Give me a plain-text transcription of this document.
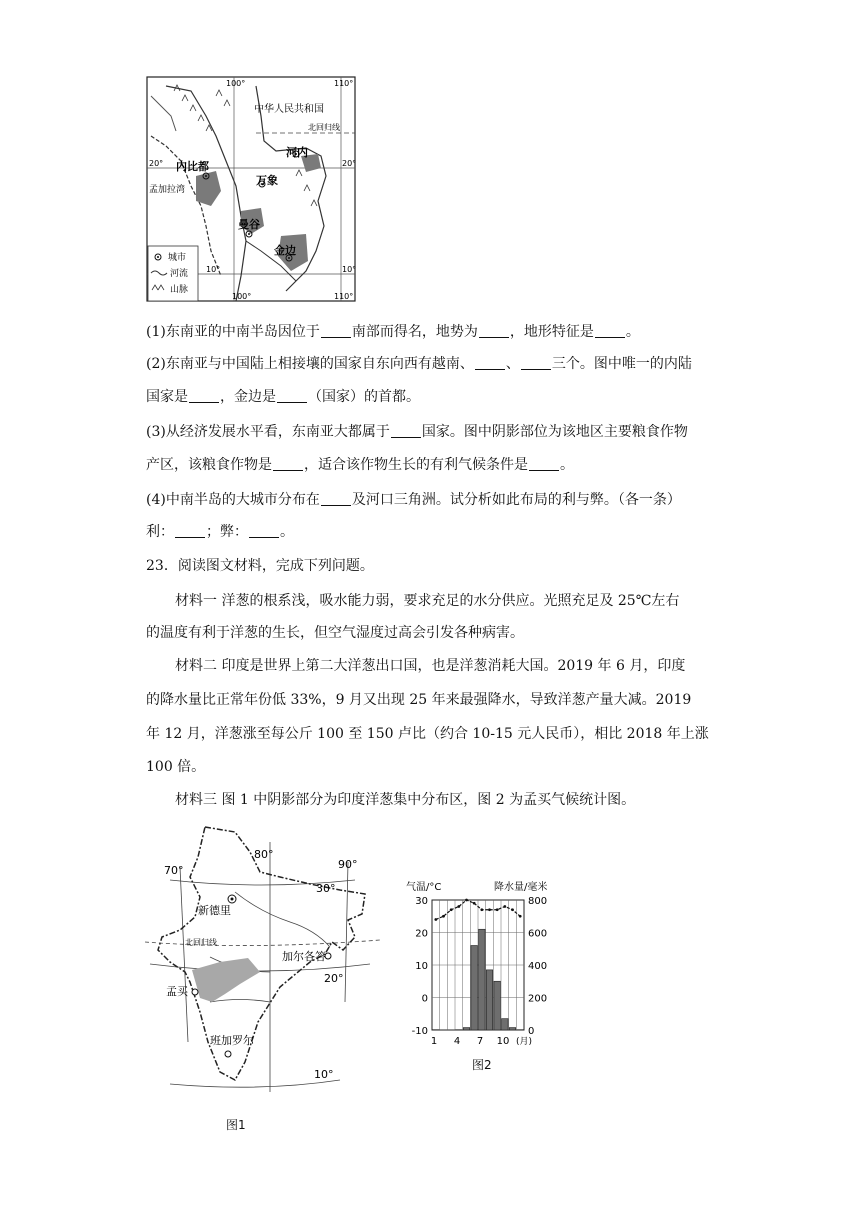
中华人民共和国
北回归线
内比都
孟加拉湾
河内
万象
曼谷
金边
100°	110°
100°	110°
20°	20°
10°	10°
城市
河流
山脉
(1)东南亚的中南半岛因位于 南部而得名，地势为 ，地形特征是 。
(2)东南亚与中国陆上相接壤的国家自东向西有越南、 、 三个。图中唯一的内陆
国家是 ，金边是 （国家）的首都。
(3)从经济发展水平看，东南亚大都属于 国家。图中阴影部位为该地区主要粮食作物
产区，该粮食作物是 ，适合该作物生长的有利气候条件是 。
(4)中南半岛的大城市分布在 及河口三角洲。试分析如此布局的利与弊。（各一条）
利： ；弊： 。
23．阅读图文材料，完成下列问题。
材料一 洋葱的根系浅，吸水能力弱，要求充足的水分供应。光照充足及 25℃左右
的温度有利于洋葱的生长，但空气湿度过高会引发各种病害。
材料二 印度是世界上第二大洋葱出口国，也是洋葱消耗大国。2019 年 6 月，印度
的降水量比正常年份低 33%，9 月又出现 25 年来最强降水，导致洋葱产量大减。2019
年 12 月，洋葱涨至每公斤 100 至 150 卢比（约合 10-15 元人民币），相比 2018 年上涨
100 倍。
材料三 图 1 中阴影部分为印度洋葱集中分布区，图 2 为孟买气候统计图。
新德里
北回归线
加尔各答
孟买
班加罗尔
70°
80°
90°
30°
20°
10°
图1
气温/°C	降水量/毫米
30
20
10
0
-10
800
600
400
200
0
1 4 7 10 (月)
图2
